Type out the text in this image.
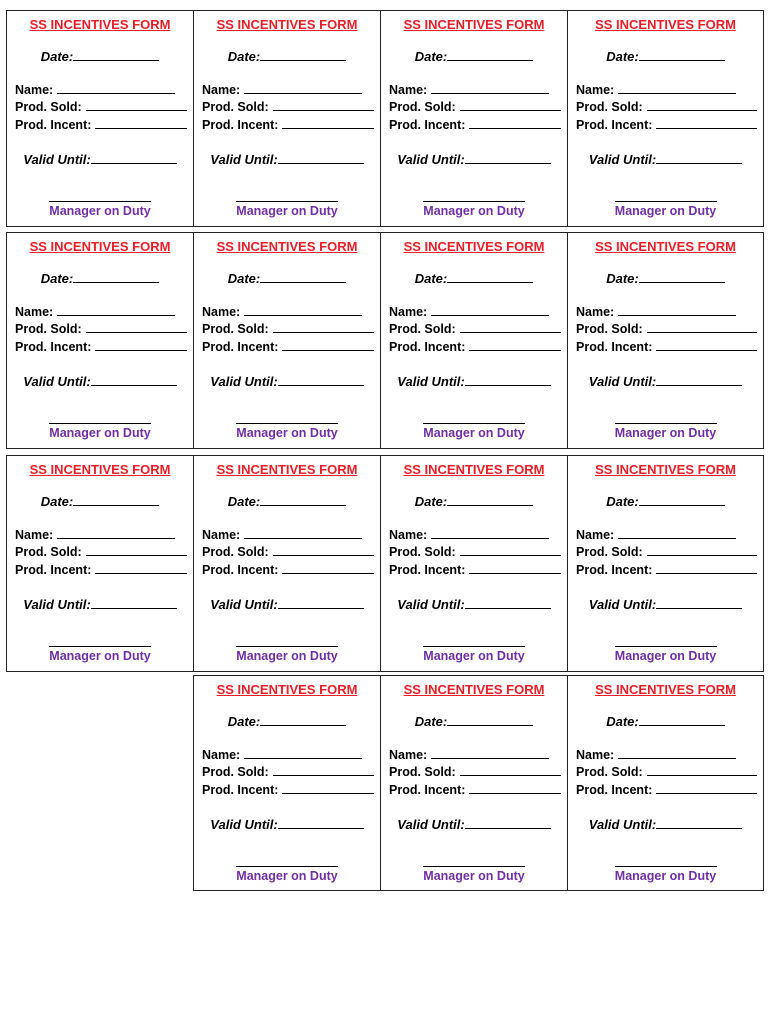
SS INCENTIVES FORM
Date:
Name:
Prod. Sold:
Prod. Incent:
Valid Until:
Manager on Duty
SS INCENTIVES FORM
Date:
Name:
Prod. Sold:
Prod. Incent:
Valid Until:
Manager on Duty
SS INCENTIVES FORM
Date:
Name:
Prod. Sold:
Prod. Incent:
Valid Until:
Manager on Duty
SS INCENTIVES FORM
Date:
Name:
Prod. Sold:
Prod. Incent:
Valid Until:
Manager on Duty
SS INCENTIVES FORM
Date:
Name:
Prod. Sold:
Prod. Incent:
Valid Until:
Manager on Duty
SS INCENTIVES FORM
Date:
Name:
Prod. Sold:
Prod. Incent:
Valid Until:
Manager on Duty
SS INCENTIVES FORM
Date:
Name:
Prod. Sold:
Prod. Incent:
Valid Until:
Manager on Duty
SS INCENTIVES FORM
Date:
Name:
Prod. Sold:
Prod. Incent:
Valid Until:
Manager on Duty
SS INCENTIVES FORM
Date:
Name:
Prod. Sold:
Prod. Incent:
Valid Until:
Manager on Duty
SS INCENTIVES FORM
Date:
Name:
Prod. Sold:
Prod. Incent:
Valid Until:
Manager on Duty
SS INCENTIVES FORM
Date:
Name:
Prod. Sold:
Prod. Incent:
Valid Until:
Manager on Duty
SS INCENTIVES FORM
Date:
Name:
Prod. Sold:
Prod. Incent:
Valid Until:
Manager on Duty
SS INCENTIVES FORM
Date:
Name:
Prod. Sold:
Prod. Incent:
Valid Until:
Manager on Duty
SS INCENTIVES FORM
Date:
Name:
Prod. Sold:
Prod. Incent:
Valid Until:
Manager on Duty
SS INCENTIVES FORM
Date:
Name:
Prod. Sold:
Prod. Incent:
Valid Until:
Manager on Duty
